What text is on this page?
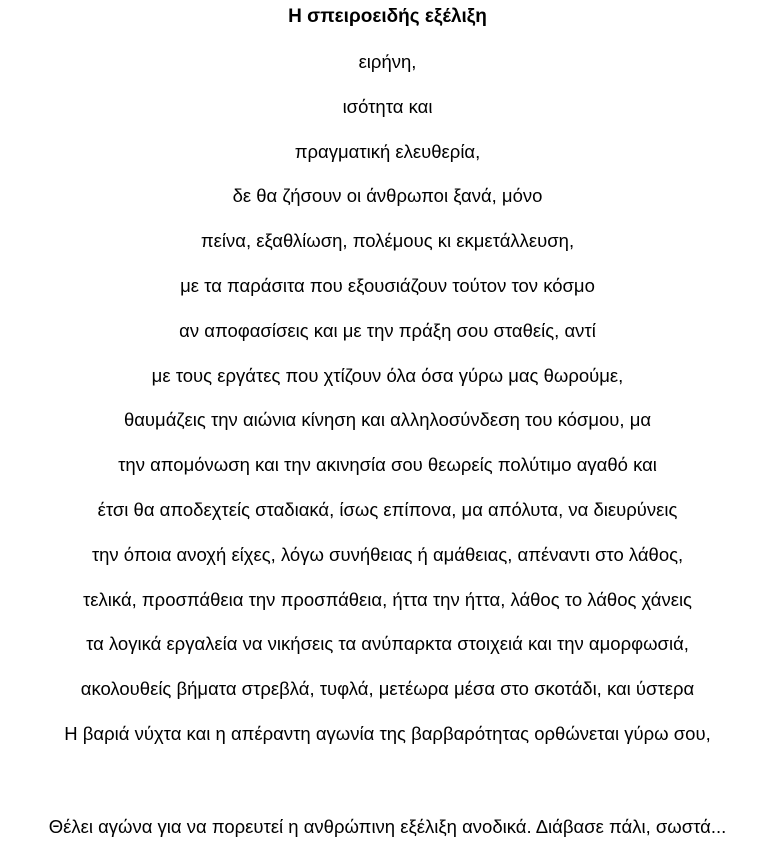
Η σπειροειδής εξέλιξη
ειρήνη,
ισότητα και
πραγματική ελευθερία,
δε θα ζήσουν οι άνθρωποι ξανά, μόνο
πείνα, εξαθλίωση, πολέμους κι εκμετάλλευση,
με τα παράσιτα που εξουσιάζουν τούτον τον κόσμο
αν αποφασίσεις και με την πράξη σου σταθείς, αντί
με τους εργάτες που χτίζουν όλα όσα γύρω μας θωρούμε,
θαυμάζεις την αιώνια κίνηση και αλληλοσύνδεση του κόσμου, μα
την απομόνωση και την ακινησία σου θεωρείς πολύτιμο αγαθό και
έτσι θα αποδεχτείς σταδιακά, ίσως επίπονα, μα απόλυτα, να διευρύνεις
την όποια ανοχή είχες, λόγω συνήθειας ή αμάθειας, απέναντι στο λάθος,
τελικά, προσπάθεια την προσπάθεια, ήττα την ήττα, λάθος το λάθος χάνεις
τα λογικά εργαλεία να νικήσεις τα ανύπαρκτα στοιχειά και την αμορφωσιά,
ακολουθείς βήματα στρεβλά, τυφλά, μετέωρα μέσα στο σκοτάδι, και ύστερα
Η βαριά νύχτα και η απέραντη αγωνία της βαρβαρότητας ορθώνεται γύρω σου,
Θέλει αγώνα για να πορευτεί η ανθρώπινη εξέλιξη ανοδικά. Διάβασε πάλι, σωστά...
